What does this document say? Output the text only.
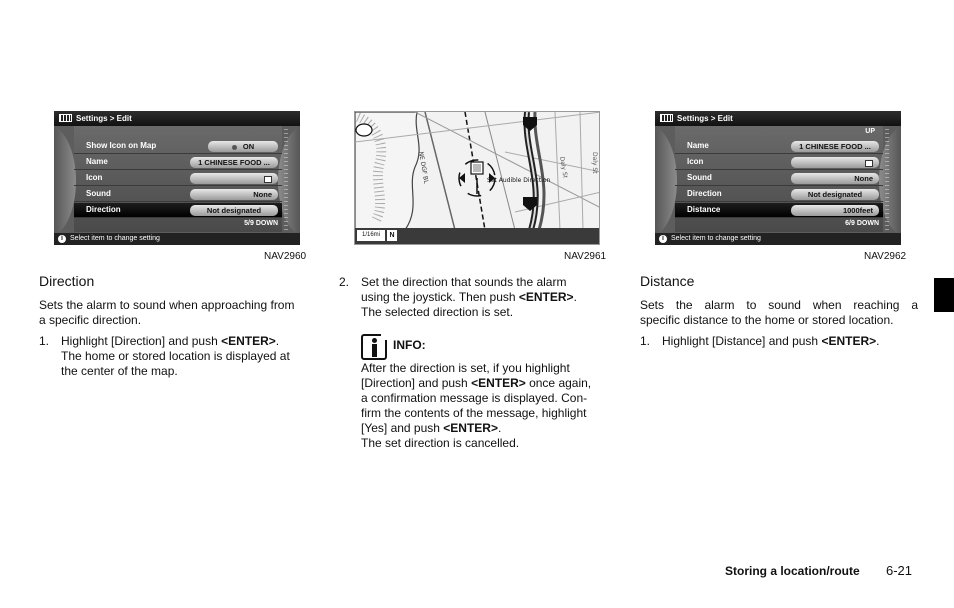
Settings > Edit
Show Icon on Map	ON
Name	1 CHINESE FOOD ...
Icon
Sound	None
Direction	Not designated
5/9 DOWN
i	Select item to change setting
NAV2960
NE DGF BL	Daly St
Daly St
Set Audible Direction
1/16mi	N
NAV2961
Settings > Edit
UP
Name	1 CHINESE FOOD ...
Icon
Sound	None
Direction	Not designated
Distance	1000feet
6/9 DOWN
i	Select item to change setting
NAV2962
Direction
Sets the alarm to sound when approaching from
a specific direction.
1. Highlight [Direction] and push <ENTER>.
The home or stored location is displayed at
the center of the map.
2. Set the direction that sounds the alarm
using the joystick. Then push <ENTER>.
The selected direction is set.
INFO:
After the direction is set, if you highlight
[Direction] and push <ENTER> once again,
a confirmation message is displayed. Con-
firm the contents of the message, highlight
[Yes] and push <ENTER>.
The set direction is cancelled.
Distance
Sets the alarm to sound when reaching a
specific distance to the home or stored location.
1. Highlight [Distance] and push <ENTER>.
Storing a location/route 6-21
